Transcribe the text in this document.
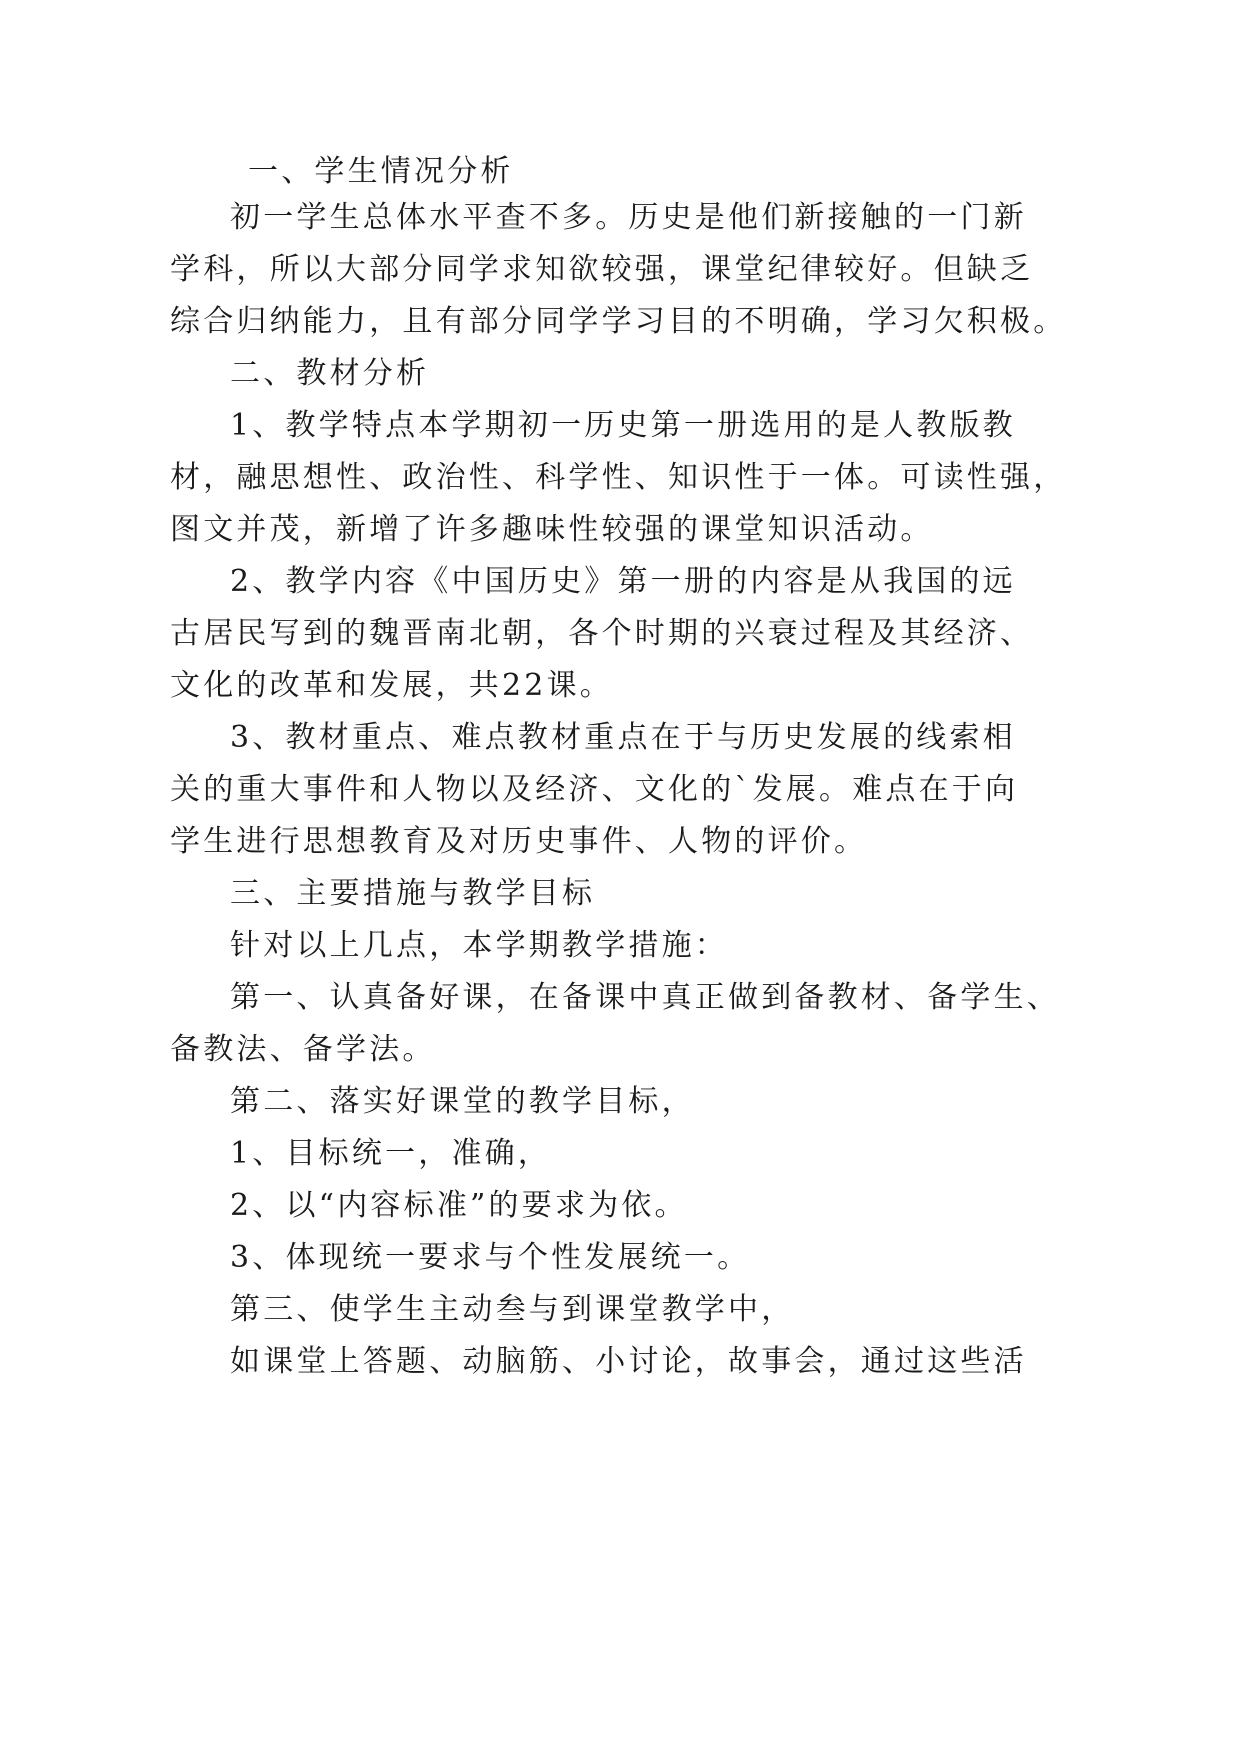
一、学生情况分析
初一学生总体水平查不多。历史是他们新接触的一门新
学科，所以大部分同学求知欲较强，课堂纪律较好。但缺乏
综合归纳能力，且有部分同学学习目的不明确，学习欠积极。
二、教材分析
1、教学特点本学期初一历史第一册选用的是人教版教
材，融思想性、政治性、科学性、知识性于一体。可读性强，
图文并茂，新增了许多趣味性较强的课堂知识活动。
2、教学内容《中国历史》第一册的内容是从我国的远
古居民写到的魏晋南北朝，各个时期的兴衰过程及其经济、
文化的改革和发展，共22课。
3、教材重点、难点教材重点在于与历史发展的线索相
关的重大事件和人物以及经济、文化的`发展。难点在于向
学生进行思想教育及对历史事件、人物的评价。
三、主要措施与教学目标
针对以上几点，本学期教学措施：
第一、认真备好课，在备课中真正做到备教材、备学生、
备教法、备学法。
第二、落实好课堂的教学目标，
1、目标统一，准确，
2、以“内容标准”的要求为依。
3、体现统一要求与个性发展统一。
第三、使学生主动叁与到课堂教学中，
如课堂上答题、动脑筋、小讨论，故事会，通过这些活
